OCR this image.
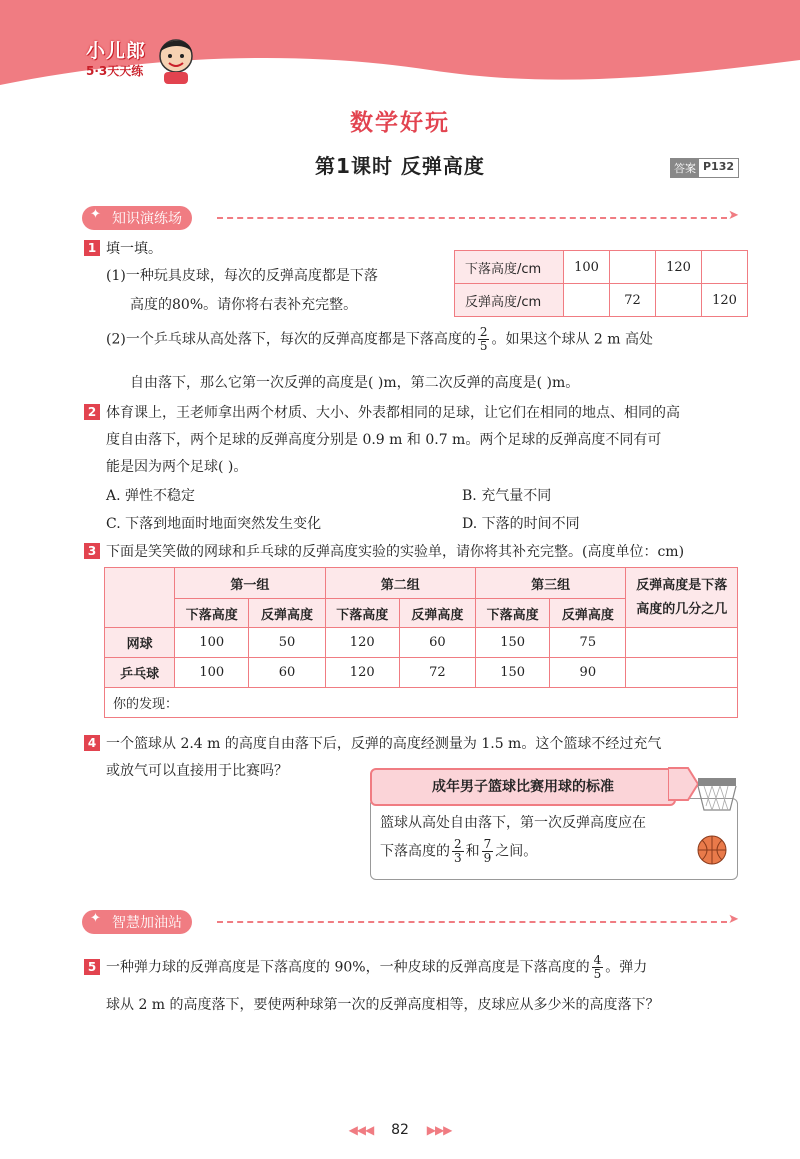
小儿郎
5·3天天练
数学好玩
第1课时 反弹高度	答案 P132
✦ 知识演练场	➤
1 填一填。
(1)一种玩具皮球，每次的反弹高度都是下落
高度的80%。请你将右表补充完整。
下落高度/cm	100		120	
反弹高度/cm		72		120
(2)一个乒乓球从高处落下，每次的反弹高度都是下落高度的 $\frac{2}{5}$ 。如果这个球从 2 m 高处
自由落下，那么它第一次反弹的高度是( )m，第二次反弹的高度是( )m。
2 体育课上，王老师拿出两个材质、大小、外表都相同的足球，让它们在相同的地点、相同的高
度自由落下，两个足球的反弹高度分别是 0.9 m 和 0.7 m。两个足球的反弹高度不同有可
能是因为两个足球( )。
A. 弹性不稳定	B. 充气量不同
C. 下落到地面时地面突然发生变化	D. 下落的时间不同
3 下面是笑笑做的网球和乒乓球的反弹高度实验的实验单，请你将其补充完整。(高度单位：cm)
	第一组		第二组		第三组		反弹高度是下落
高度的几分之几

	下落高度	反弹高度	下落高度	反弹高度	下落高度	反弹高度	
网球	100	50	120	60	150	75	
乒乓球	100	60	120	72	150	90	
你的发现：							
4 一个篮球从 2.4 m 的高度自由落下后，反弹的高度经测量为 1.5 m。这个篮球不经过充气
或放气可以直接用于比赛吗？
成年男子篮球比赛用球的标准
篮球从高处自由落下，第一次反弹高度应在
下落高度的 $\frac{2}{3}$ 和 $\frac{7}{9}$ 之间。
✦ 智慧加油站	➤
5 一种弹力球的反弹高度是下落高度的 90%，一种皮球的反弹高度是下落高度的 $\frac{4}{5}$ 。弹力
球从 2 m 的高度落下，要使两种球第一次的反弹高度相等，皮球应从多少米的高度落下？
◀◀◀ 82 ▶▶▶
